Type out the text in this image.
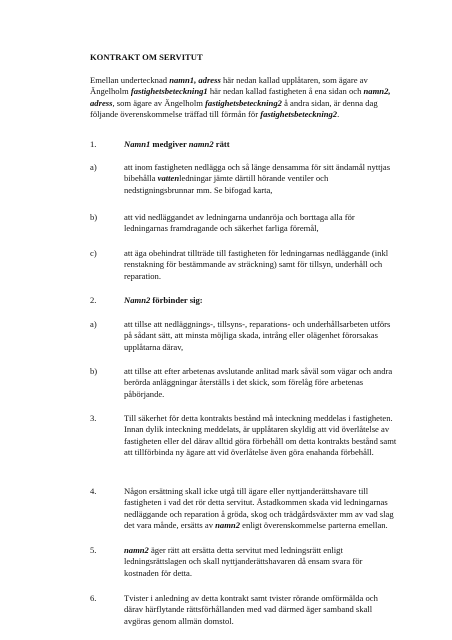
KONTRAKT OM SERVITUT
Emellan undertecknad namn1, adress här nedan kallad upplåtaren, som ägare av Ängelholm fastighetsbeteckning1 här nedan kallad fastigheten å ena sidan och namn2, adress, som ägare av Ängelholm fastighetsbeteckning2 å andra sidan, är denna dag följande överenskommelse träffad till förmån för fastighetsbeteckning2.
1.	Namn1 medgiver namn2 rätt
a)	att inom fastigheten nedlägga och så länge densamma för sitt ändamål nyttjas bibehålla vattenledningar jämte därtill hörande ventiler och nedstigningsbrunnar mm. Se bifogad karta,
b)	att vid nedläggandet av ledningarna undanröja och borttaga alla för ledningarnas framdragande och säkerhet farliga föremål,
c)	att äga obehindrat tillträde till fastigheten för ledningarnas nedläggande (inkl renstakning för bestämmande av sträckning) samt för tillsyn, underhåll och reparation.
2.	Namn2 förbinder sig:
a)	att tillse att nedläggnings-, tillsyns-, reparations- och underhållsarbeten utförs på sådant sätt, att minsta möjliga skada, intrång eller olägenhet förorsakas upplåtarna därav,
b)	att tillse att efter arbetenas avslutande anlitad mark såväl som vägar och andra berörda anläggningar återställs i det skick, som förelåg före arbetenas påbörjande.
3.	Till säkerhet för detta kontrakts bestånd må inteckning meddelas i fastigheten. Innan dylik inteckning meddelats, är upplåtaren skyldig att vid överlåtelse av fastigheten eller del därav alltid göra förbehåll om detta kontrakts bestånd samt att tillförbinda ny ägare att vid överlåtelse även göra enahanda förbehåll.
4.	Någon ersättning skall icke utgå till ägare eller nyttjanderättshavare till fastigheten i vad det rör detta servitut. Åstadkommen skada vid ledningarnas nedläggande och reparation å gröda, skog och trädgårdsväxter mm av vad slag det vara månde, ersätts av namn2 enligt överenskommelse parterna emellan.
5.	namn2 äger rätt att ersätta detta servitut med ledningsrätt enligt ledningsrättslagen och skall nyttjanderättshavaren då ensam svara för kostnaden för detta.
6.	Tvister i anledning av detta kontrakt samt tvister rörande omförmälda och därav härflytande rättsförhållanden med vad därmed äger samband skall avgöras genom allmän domstol.
